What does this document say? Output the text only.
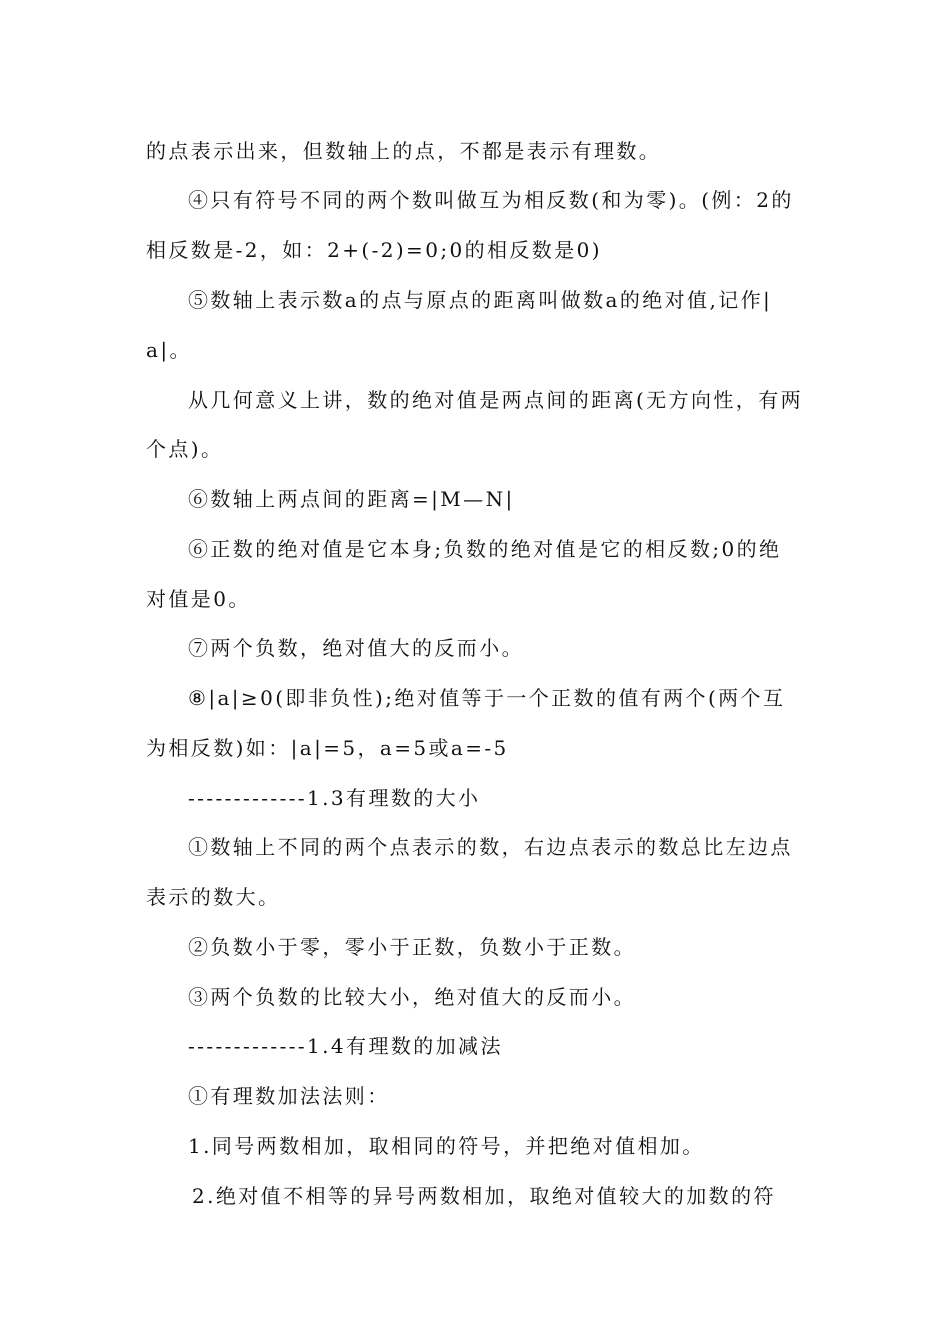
的点表示出来，但数轴上的点，不都是表示有理数。
④只有符号不同的两个数叫做互为相反数(和为零)。(例：2的
相反数是-2，如：2+(-2)=0;0的相反数是0)
⑤数轴上表示数a的点与原点的距离叫做数a的绝对值,记作|
a|。
从几何意义上讲，数的绝对值是两点间的距离(无方向性，有两
个点)。
⑥数轴上两点间的距离=|M—N|
⑥正数的绝对值是它本身;负数的绝对值是它的相反数;0的绝
对值是0。
⑦两个负数，绝对值大的反而小。
⑧|a|≥0(即非负性);绝对值等于一个正数的值有两个(两个互
为相反数)如：|a|=5，a=5或a=-5
-------------1.3有理数的大小
①数轴上不同的两个点表示的数，右边点表示的数总比左边点
表示的数大。
②负数小于零，零小于正数，负数小于正数。
③两个负数的比较大小，绝对值大的反而小。
-------------1.4有理数的加减法
①有理数加法法则：
1.同号两数相加，取相同的符号，并把绝对值相加。
2.绝对值不相等的异号两数相加，取绝对值较大的加数的符
